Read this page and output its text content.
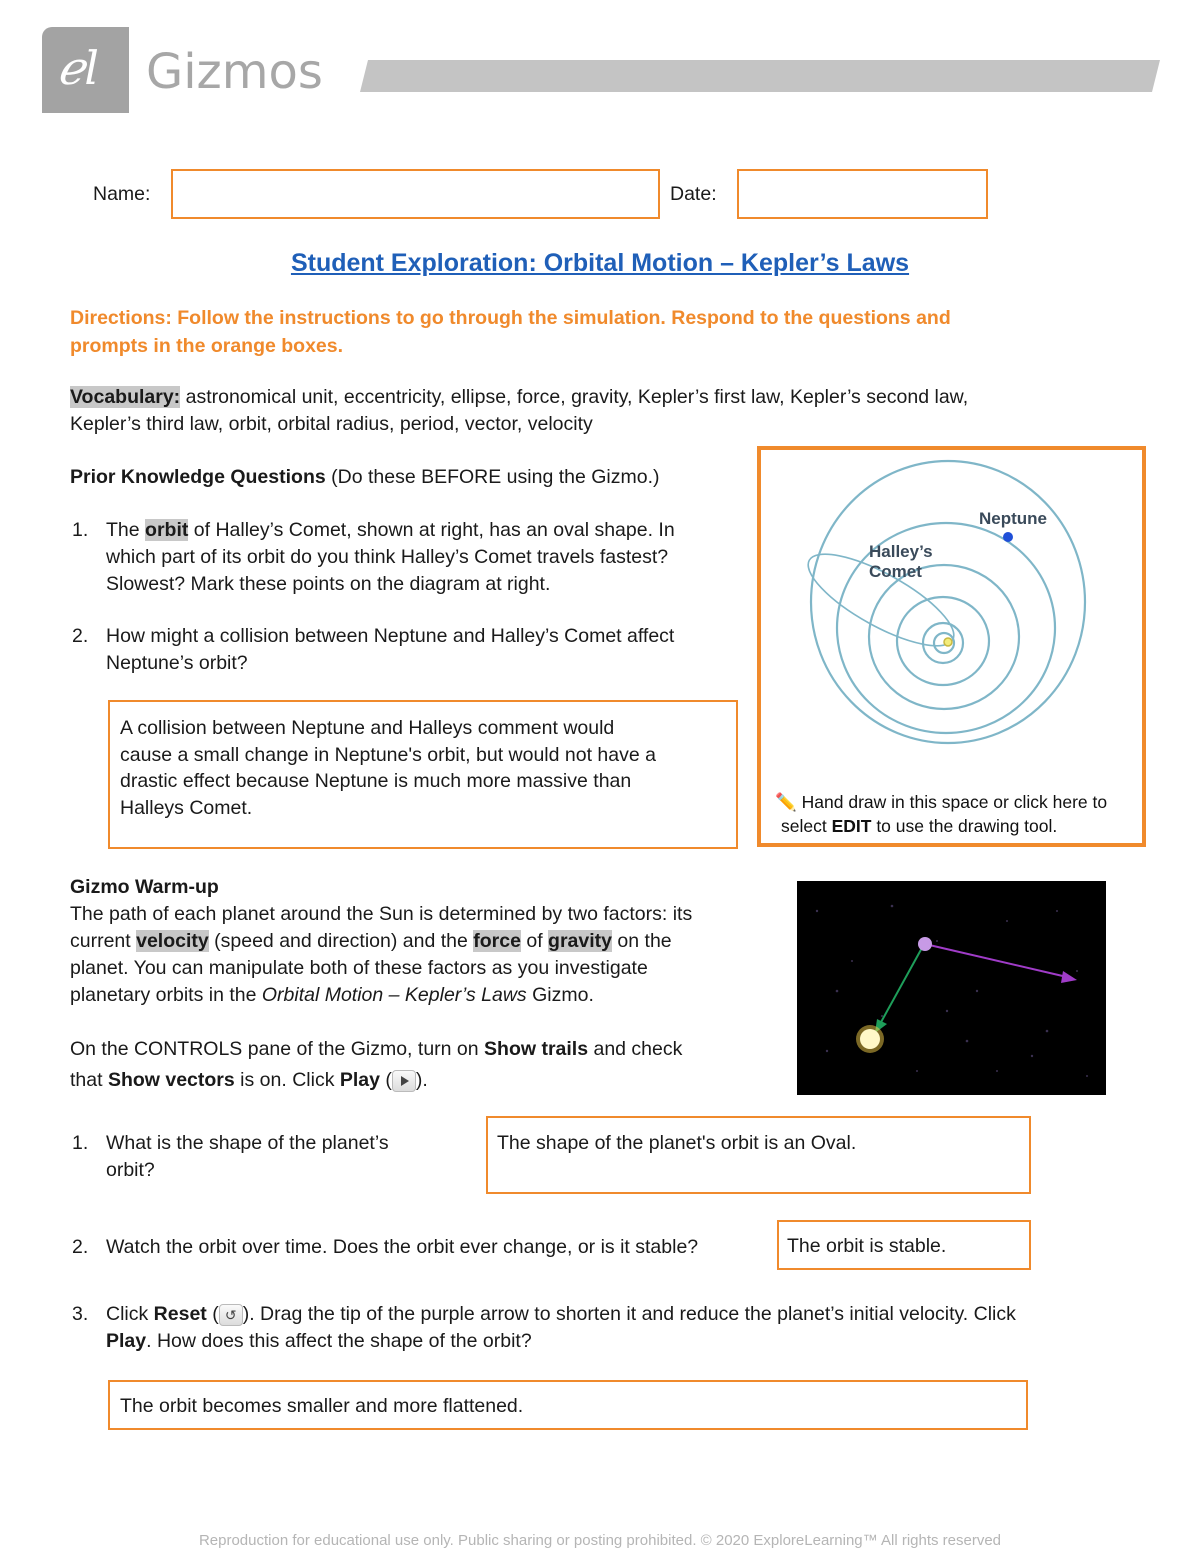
ℯl Gizmos
Name:	Date:
Student Exploration: Orbital Motion – Kepler’s Laws
Directions: Follow the instructions to go through the simulation. Respond to the questions and
prompts in the orange boxes.
Vocabulary: astronomical unit, eccentricity, ellipse, force, gravity, Kepler’s first law, Kepler’s second law,
Kepler’s third law, orbit, orbital radius, period, vector, velocity
Prior Knowledge Questions (Do these BEFORE using the Gizmo.)
1. The orbit of Halley’s Comet, shown at right, has an oval shape. In
which part of its orbit do you think Halley’s Comet travels fastest?
Slowest? Mark these points on the diagram at right.
2. How might a collision between Neptune and Halley’s Comet affect
Neptune’s orbit?
A collision between Neptune and Halleys comment would
cause a small change in Neptune's orbit, but would not have a
drastic effect because Neptune is much more massive than
Halleys Comet.
Neptune
Halley’s
Comet
✏️ Hand draw in this space or click here to
select EDIT to use the drawing tool.
Gizmo Warm-up
The path of each planet around the Sun is determined by two factors: its
current velocity (speed and direction) and the force of gravity on the
planet. You can manipulate both of these factors as you investigate
planetary orbits in the Orbital Motion – Kepler’s Laws Gizmo.
On the CONTROLS pane of the Gizmo, turn on Show trails and check
that Show vectors is on. Click Play ( ).
1. What is the shape of the planet’s
orbit?
The shape of the planet's orbit is an Oval.
2. Watch the orbit over time. Does the orbit ever change, or is it stable?	The orbit is stable.
3. Click Reset ( ↺ ). Drag the tip of the purple arrow to shorten it and reduce the planet’s initial velocity. Click
Play. How does this affect the shape of the orbit?
The orbit becomes smaller and more flattened.
Reproduction for educational use only. Public sharing or posting prohibited. © 2020 ExploreLearning™ All rights reserved
